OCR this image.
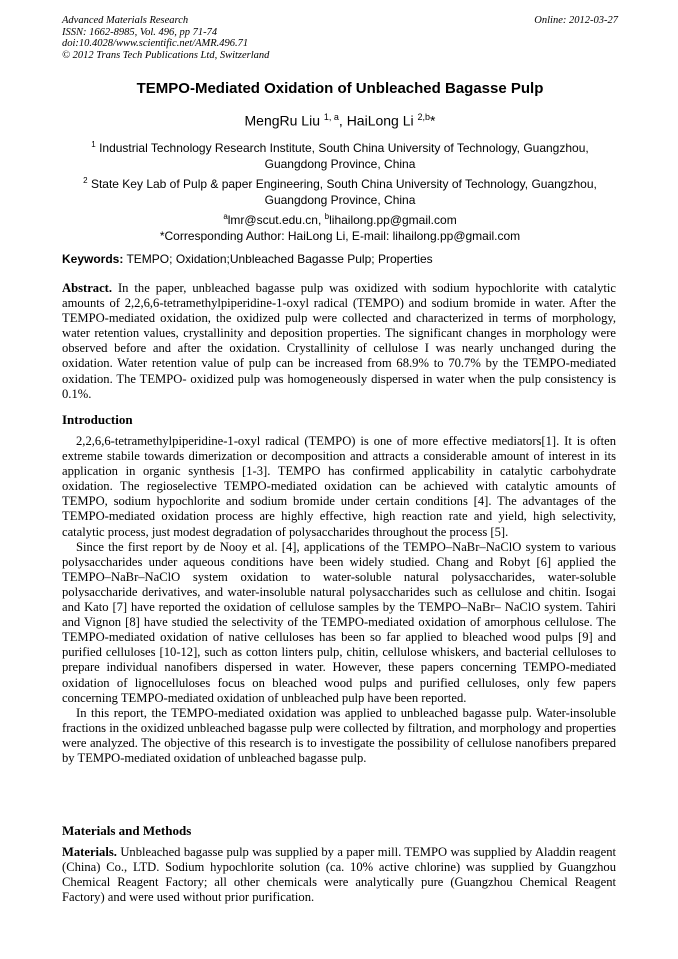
Advanced Materials Research
ISSN: 1662-8985, Vol. 496, pp 71-74
doi:10.4028/www.scientific.net/AMR.496.71
© 2012 Trans Tech Publications Ltd, Switzerland
Online: 2012-03-27
TEMPO-Mediated Oxidation of Unbleached Bagasse Pulp
MengRu Liu $^{1, a}$, HaiLong Li $^{2,b}$*
$^1$ Industrial Technology Research Institute, South China University of Technology, Guangzhou,
Guangdong Province, China
$^2$ State Key Lab of Pulp & paper Engineering, South China University of Technology, Guangzhou,
Guangdong Province, China
$^a$lmr@scut.edu.cn, $^b$lihailong.pp@gmail.com
*Corresponding Author: HaiLong Li, E-mail: lihailong.pp@gmail.com
Keywords: TEMPO; Oxidation;Unbleached Bagasse Pulp; Properties

Abstract. In the paper, unbleached bagasse pulp was oxidized with sodium hypochlorite with catalytic amounts of 2,2,6,6-tetramethylpiperidine-1-oxyl radical (TEMPO) and sodium bromide in water. After the TEMPO-mediated oxidation, the oxidized pulp were collected and characterized in terms of morphology, water retention values, crystallinity and deposition properties. The significant changes in morphology were observed before and after the oxidation. Crystallinity of cellulose I was nearly unchanged during the oxidation. Water retention value of pulp can be increased from 68.9% to 70.7% by the TEMPO-mediated oxidation. The TEMPO- oxidized pulp was homogeneously dispersed in water when the pulp consistency is 0.1%.

Introduction

2,2,6,6-tetramethylpiperidine-1-oxyl radical (TEMPO) is one of more effective mediators[1]. It is often extreme stabile towards dimerization or decomposition and attracts a considerable amount of interest in its application in organic synthesis [1-3]. TEMPO has confirmed applicability in catalytic carbohydrate oxidation. The regioselective TEMPO-mediated oxidation can be achieved with catalytic amounts of TEMPO, sodium hypochlorite and sodium bromide under certain conditions [4]. The advantages of the TEMPO-mediated oxidation process are highly effective, high reaction rate and yield, high selectivity, catalytic process, just modest degradation of polysaccharides throughout the process [5].

Since the first report by de Nooy et al. [4], applications of the TEMPO–NaBr–NaClO system to various polysaccharides under aqueous conditions have been widely studied. Chang and Robyt [6] applied the TEMPO–NaBr–NaClO system oxidation to water-soluble natural polysaccharides, water-soluble polysaccharide derivatives, and water-insoluble natural polysaccharides such as cellulose and chitin. Isogai and Kato [7] have reported the oxidation of cellulose samples by the TEMPO–NaBr– NaClO system. Tahiri and Vignon [8] have studied the selectivity of the TEMPO-mediated oxidation of amorphous cellulose. The TEMPO-mediated oxidation of native celluloses has been so far applied to bleached wood pulps [9] and purified celluloses [10-12], such as cotton linters pulp, chitin, cellulose whiskers, and bacterial celluloses to prepare individual nanofibers dispersed in water. However, these papers concerning TEMPO-mediated oxidation of lignocelluloses focus on bleached wood pulps and purified celluloses, only few papers concerning TEMPO-mediated oxidation of unbleached pulp have been reported.

In this report, the TEMPO-mediated oxidation was applied to unbleached bagasse pulp. Water-insoluble fractions in the oxidized unbleached bagasse pulp were collected by filtration, and morphology and properties were analyzed. The objective of this research is to investigate the possibility of cellulose nanofibers prepared by TEMPO-mediated oxidation of unbleached bagasse pulp.

Materials and Methods

Materials. Unbleached bagasse pulp was supplied by a paper mill. TEMPO was supplied by Aladdin reagent (China) Co., LTD. Sodium hypochlorite solution (ca. 10% active chlorine) was supplied by Guangzhou Chemical Reagent Factory; all other chemicals were analytically pure (Guangzhou Chemical Reagent Factory) and were used without prior purification.
